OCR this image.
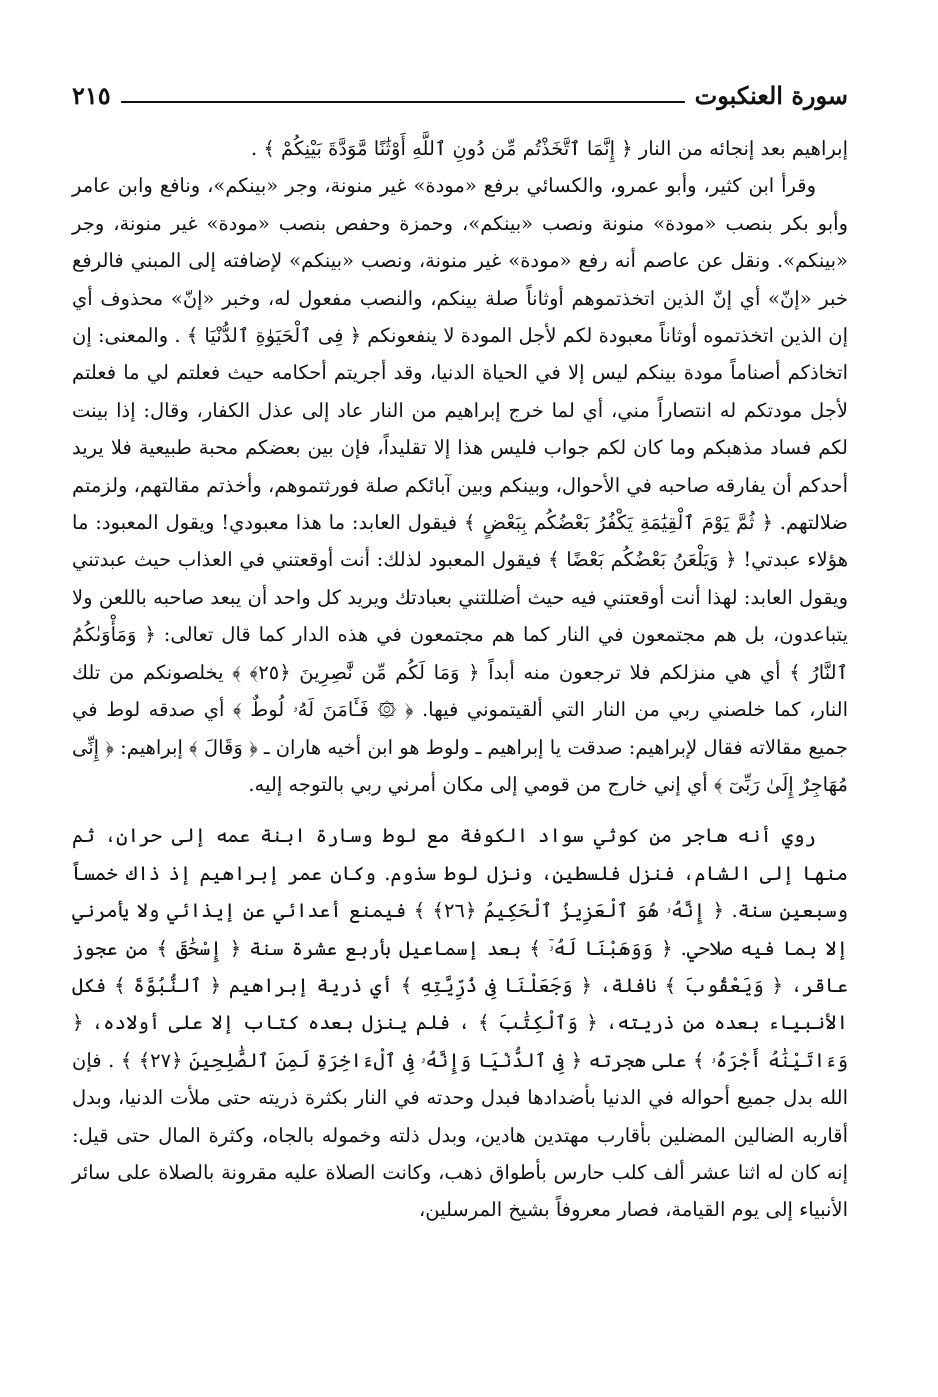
سورة العنكبوت
٢١٥

إبراهيم بعد إنجائه من النار ﴿ إِنَّمَا ٱتَّخَذْتُم مِّن دُونِ ٱللَّهِ أَوْثَٰنًا مَّوَدَّةَ بَيْنِكُمْ ﴾ .

وقرأ ابن كثير، وأبو عمرو، والكسائي برفع «مودة» غير منونة، وجر «بينكم»، ونافع وابن عامر وأبو بكر بنصب «مودة» منونة ونصب «بينكم»، وحمزة وحفص بنصب «مودة» غير منونة، وجر «بينكم». ونقل عن عاصم أنه رفع «مودة» غير منونة، ونصب «بينكم» لإضافته إلى المبني فالرفع خبر «إنّ» أي إنّ الذين اتخذتموهم أوثاناً صلة بينكم، والنصب مفعول له، وخبر «إنّ» محذوف أي إن الذين اتخذتموه أوثاناً معبودة لكم لأجل المودة لا ينفعونكم ﴿ فِى ٱلْحَيَوٰةِ ٱلدُّنْيَا ﴾ . والمعنى: إن اتخاذكم أصناماً مودة بينكم ليس إلا في الحياة الدنيا، وقد أجريتم أحكامه حيث فعلتم لي ما فعلتم لأجل مودتكم له انتصاراً مني، أي لما خرج إبراهيم من النار عاد إلى عذل الكفار، وقال: إذا بينت لكم فساد مذهبكم وما كان لكم جواب فليس هذا إلا تقليداً، فإن بين بعضكم محبة طبيعية فلا يريد أحدكم أن يفارقه صاحبه في الأحوال، وبينكم وبين آبائكم صلة فورثتموهم، وأخذتم مقالتهم، ولزمتم ضلالتهم. ﴿ ثُمَّ يَوْمَ ٱلْقِيَٰمَةِ يَكْفُرُ بَعْضُكُم بِبَعْضٍ ﴾ فيقول العابد: ما هذا معبودي! ويقول المعبود: ما هؤلاء عبدتي! ﴿ وَيَلْعَنُ بَعْضُكُم بَعْضًا ﴾ فيقول المعبود لذلك: أنت أوقعتني في العذاب حيث عبدتني ويقول العابد: لهذا أنت أوقعتني فيه حيث أضللتني بعبادتك ويريد كل واحد أن يبعد صاحبه باللعن ولا يتباعدون، بل هم مجتمعون في النار كما هم مجتمعون في هذه الدار كما قال تعالى: ﴿ وَمَأْوَىٰكُمُ ٱلنَّارُ ﴾ أي هي منزلكم فلا ترجعون منه أبداً ﴿ وَمَا لَكُم مِّن نَّٰصِرِينَ ﴿٢٥﴾ ﴾ يخلصونكم من تلك النار، كما خلصني ربي من النار التي ألقيتموني فيها. ﴿ ۞ فَـَٔامَنَ لَهُۥ لُوطٌ ﴾ أي صدقه لوط في جميع مقالاته فقال لإبراهيم: صدقت يا إبراهيم ـ ولوط هو ابن أخيه هاران ـ ﴿ وَقَالَ ﴾ إبراهيم: ﴿ إِنِّى مُهَاجِرٌ إِلَىٰ رَبِّىٓ ﴾ أي إني خارج من قومي إلى مكان أمرني ربي بالتوجه إليه.

روي أنه هاجر من كوثي سواد الكوفة مع لوط وسارة ابنة عمه إلى حران، ثم منها إلى الشام، فنزل فلسطين، ونزل لوط سذوم. وكان عمر إبراهيم إذ ذاك خمساً وسبعين سنة. ﴿ إِنَّهُۥ هُوَ ٱلْعَزِيزُ ٱلْحَكِيمُ ﴿٢٦﴾ ﴾ فيمنع أعدائي عن إيذائي ولا يأمرني إلا بما فيه صلاحي. ﴿ وَوَهَبْنَا لَهُۥٓ ﴾ بعد إسماعيل بأربع عشرة سنة ﴿ إِسْحَٰقَ ﴾ من عجوز عاقر، ﴿ وَيَعْقُوبَ ﴾ نافلة، ﴿ وَجَعَلْنَا فِى ذُرِّيَّتِهِ ﴾ أي ذرية إبراهيم ﴿ ٱلنُّبُوَّةَ ﴾ فكل الأنبياء بعده من ذريته، ﴿ وَٱلْكِتَٰبَ ﴾ ، فلم ينزل بعده كتاب إلا على أولاده، ﴿ وَءَاتَيْنَٰهُ أَجْرَهُۥ ﴾ على هجرته ﴿ فِى ٱلدُّنْيَا وَإِنَّهُۥ فِى ٱلْءَاخِرَةِ لَمِنَ ٱلصَّٰلِحِينَ ﴿٢٧﴾ ﴾ . فإن الله بدل جميع أحواله في الدنيا بأضدادها فبدل وحدته في النار بكثرة ذريته حتى ملأت الدنيا، وبدل أقاربه الضالين المضلين بأقارب مهتدين هادين، وبدل ذلته وخموله بالجاه، وكثرة المال حتى قيل: إنه كان له اثنا عشر ألف كلب حارس بأطواق ذهب، وكانت الصلاة عليه مقرونة بالصلاة على سائر الأنبياء إلى يوم القيامة، فصار معروفاً بشيخ المرسلين،
